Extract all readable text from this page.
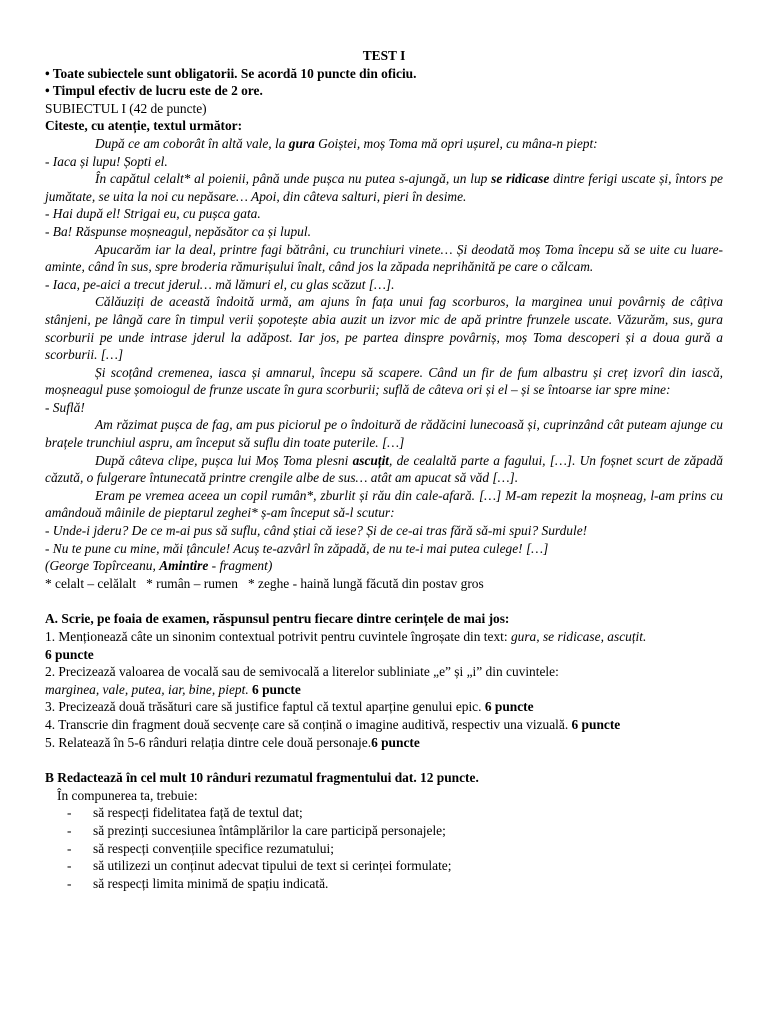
TEST I

• Toate subiectele sunt obligatorii. Se acordă 10 puncte din oficiu.

• Timpul efectiv de lucru este de 2 ore.

SUBIECTUL I (42 de puncte)

Citeste, cu atenție, textul următor:

După ce am coborât în altă vale, la gura Goiștei, moș Toma mă opri ușurel, cu mâna-n piept:

- Iaca și lupu! Șopti el.

În capătul celalt* al poienii, până unde pușca nu putea s-ajungă, un lup se ridicase dintre ferigi uscate și, întors pe jumătate, se uita la noi cu nepăsare… Apoi, din câteva salturi, pieri în desime.

- Hai după el! Strigai eu, cu pușca gata.

- Ba! Răspunse moșneagul, nepăsător ca și lupul.

Apucarăm iar la deal, printre fagi bătrâni, cu trunchiuri vinete… Și deodată moș Toma începu să se uite cu luare-aminte, când în sus, spre broderia rămurișului înalt, când jos la zăpada neprihănită pe care o călcam.

- Iaca, pe-aici a trecut jderul… mă lămuri el, cu glas scăzut […].

Călăuziți de această îndoită urmă, am ajuns în fața unui fag scorburos, la marginea unui povârniș de câțiva stânjeni, pe lângă care în timpul verii șopotește abia auzit un izvor mic de apă printre frunzele uscate. Văzurăm, sus, gura scorburii pe unde intrase jderul la adăpost. Iar jos, pe partea dinspre povârniș, moș Toma descoperi și a doua gură a scorburii. […]

Și scoțând cremenea, iasca și amnarul, începu să scapere. Când un fir de fum albastru și creț izvorî din iască, moșneagul puse șomoiogul de frunze uscate în gura scorburii; suflă de câteva ori și el – și se întoarse iar spre mine:

- Suflă!

Am răzimat pușca de fag, am pus piciorul pe o îndoitură de rădăcini lunecoasă și, cuprinzând cât puteam ajunge cu brațele trunchiul aspru, am început să suflu din toate puterile. […]

După câteva clipe, pușca lui Moș Toma plesni ascuțit, de cealaltă parte a fagului, […]. Un foșnet scurt de zăpadă căzută, o fulgerare întunecată printre crengile albe de sus… atât am apucat să văd […].

Eram pe vremea aceea un copil rumân*, zburlit și rău din cale-afară. […] M-am repezit la moșneag, l-am prins cu amândouă mâinile de pieptarul zeghei* ș-am început să-l scutur:

- Unde-i jderu? De ce m-ai pus să suflu, când știai că iese? Și de ce-ai tras fără să-mi spui? Surdule!

- Nu te pune cu mine, măi țâncule! Acuș te-azvârl în zăpadă, de nu te-i mai putea culege! […]

(George Topîrceanu, Amintire - fragment)

* celalt – celălalt * rumân – rumen * zeghe - haină lungă făcută din postav gros

A. Scrie, pe foaia de examen, răspunsul pentru fiecare dintre cerințele de mai jos:

1. Menționează câte un sinonim contextual potrivit pentru cuvintele îngroșate din text: gura, se ridicase, ascuțit.
6 puncte

2. Precizează valoarea de vocală sau de semivocală a literelor subliniate „e” și „i” din cuvintele:
marginea, vale, putea, iar, bine, piept. 6 puncte

3. Precizează două trăsături care să justifice faptul că textul aparține genului epic. 6 puncte

4. Transcrie din fragment două secvențe care să conțină o imagine auditivă, respectiv una vizuală. 6 puncte

5. Relatează în 5-6 rânduri relația dintre cele două personaje.6 puncte

B Redactează în cel mult 10 rânduri rezumatul fragmentului dat. 12 puncte.

În compunerea ta, trebuie:

- să respecți fidelitatea față de textul dat;
- să prezinți succesiunea întâmplărilor la care participă personajele;
- să respecți convențiile specifice rezumatului;
- să utilizezi un conținut adecvat tipului de text si cerinței formulate;
- să respecți limita minimă de spațiu indicată.
